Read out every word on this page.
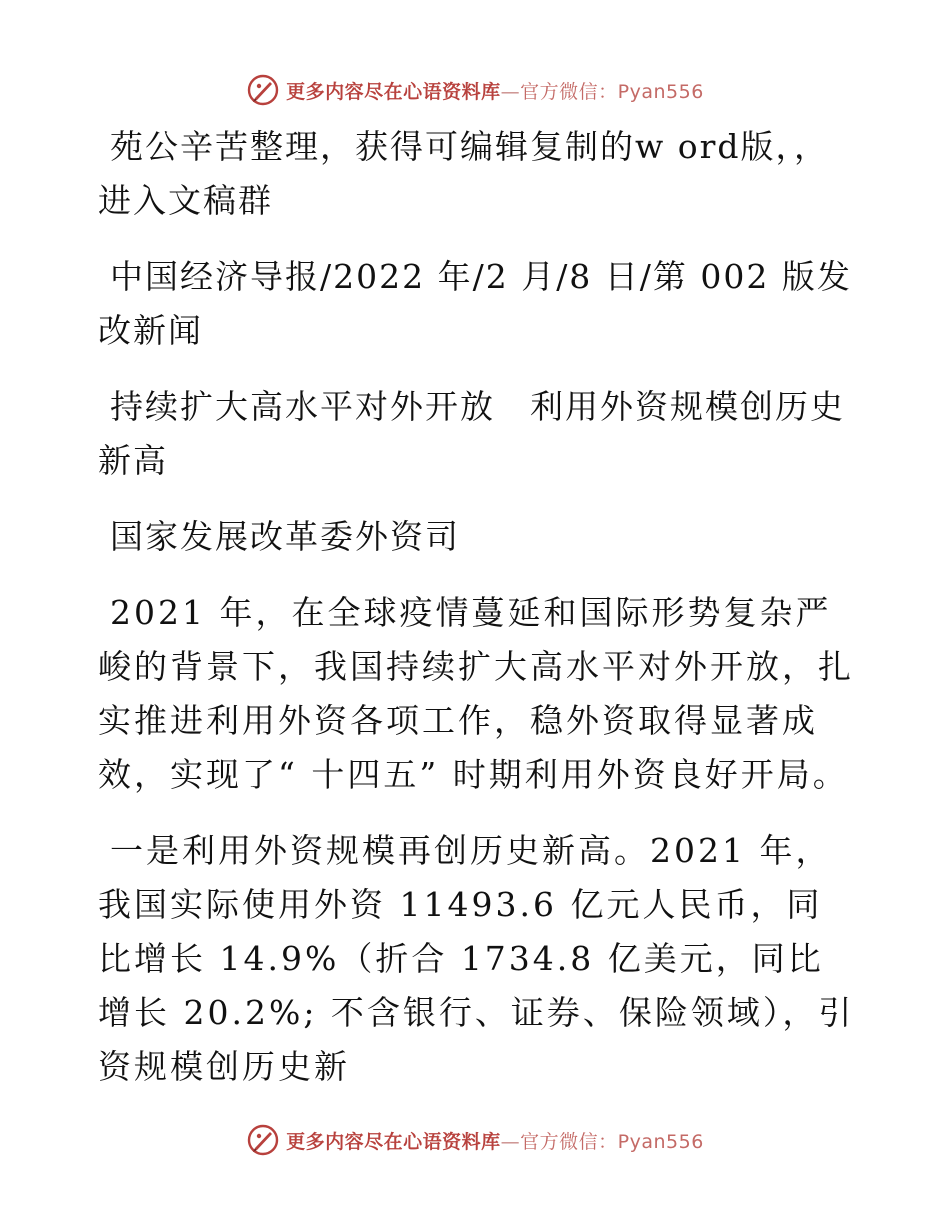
更多内容尽在心语资料库—官方微信：Pyan556

苑公辛苦整理，获得可编辑复制的w ord版，，进入文稿群

中国经济导报/2022 年/2 月/8 日/第 002 版发改新闻

持续扩大高水平对外开放　利用外资规模创历史新高

国家发展改革委外资司

2021 年，在全球疫情蔓延和国际形势复杂严峻的背景下，我国持续扩大高水平对外开放，扎实推进利用外资各项工作，稳外资取得显著成效，实现了“ 十四五” 时期利用外资良好开局。

一是利用外资规模再创历史新高。2021 年，我国实际使用外资 11493.6 亿元人民币，同比增长 14.9%（折合 1734.8 亿美元，同比增长 20.2%; 不含银行、证券、保险领域），引资规模创历史新

更多内容尽在心语资料库—官方微信：Pyan556
